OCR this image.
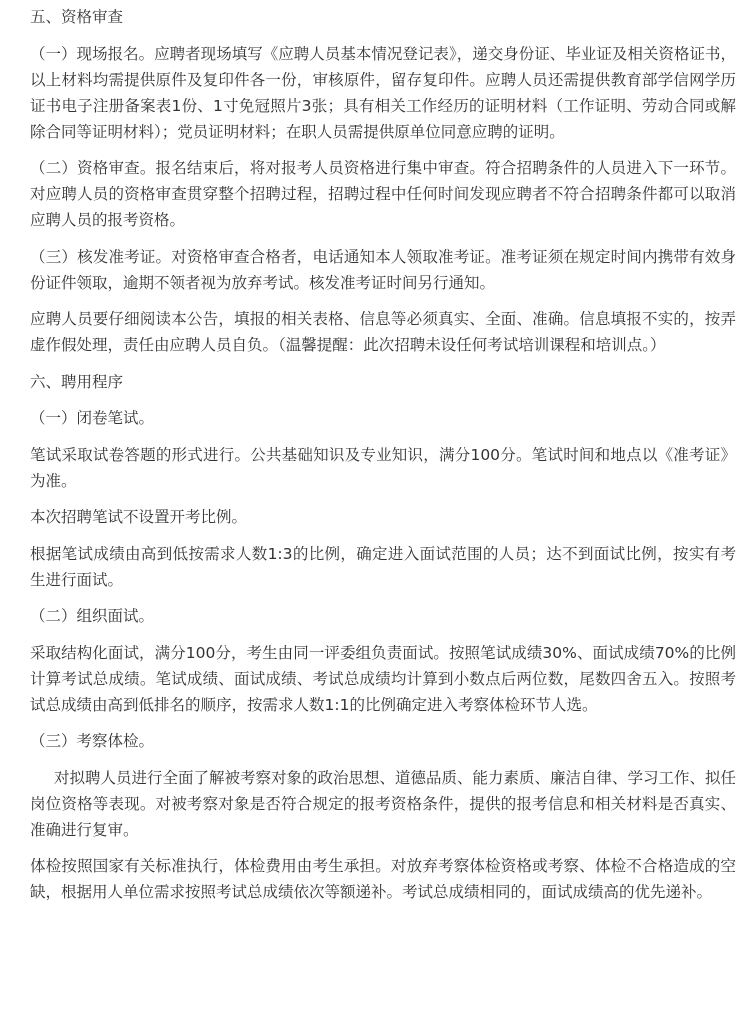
五、资格审查
（一）现场报名。应聘者现场填写《应聘人员基本情况登记表》，递交身份证、毕业证及相关资格证书，以上材料均需提供原件及复印件各一份，审核原件，留存复印件。应聘人员还需提供教育部学信网学历证书电子注册备案表1份、1寸免冠照片3张；具有相关工作经历的证明材料（工作证明、劳动合同或解除合同等证明材料）；党员证明材料；在职人员需提供原单位同意应聘的证明。
（二）资格审查。报名结束后，将对报考人员资格进行集中审查。符合招聘条件的人员进入下一环节。对应聘人员的资格审查贯穿整个招聘过程，招聘过程中任何时间发现应聘者不符合招聘条件都可以取消应聘人员的报考资格。
（三）核发准考证。对资格审查合格者，电话通知本人领取准考证。准考证须在规定时间内携带有效身份证件领取，逾期不领者视为放弃考试。核发准考证时间另行通知。
应聘人员要仔细阅读本公告，填报的相关表格、信息等必须真实、全面、准确。信息填报不实的，按弄虚作假处理，责任由应聘人员自负。（温馨提醒：此次招聘未设任何考试培训课程和培训点。）
六、聘用程序
（一）闭卷笔试。
笔试采取试卷答题的形式进行。公共基础知识及专业知识，满分100分。笔试时间和地点以《准考证》为准。
本次招聘笔试不设置开考比例。
根据笔试成绩由高到低按需求人数1:3的比例，确定进入面试范围的人员；达不到面试比例，按实有考生进行面试。
（二）组织面试。
采取结构化面试，满分100分，考生由同一评委组负责面试。按照笔试成绩30%、面试成绩70%的比例计算考试总成绩。笔试成绩、面试成绩、考试总成绩均计算到小数点后两位数，尾数四舍五入。按照考试总成绩由高到低排名的顺序，按需求人数1:1的比例确定进入考察体检环节人选。
（三）考察体检。
对拟聘人员进行全面了解被考察对象的政治思想、道德品质、能力素质、廉洁自律、学习工作、拟任岗位资格等表现。对被考察对象是否符合规定的报考资格条件，提供的报考信息和相关材料是否真实、准确进行复审。
体检按照国家有关标准执行，体检费用由考生承担。对放弃考察体检资格或考察、体检不合格造成的空缺，根据用人单位需求按照考试总成绩依次等额递补。考试总成绩相同的，面试成绩高的优先递补。
